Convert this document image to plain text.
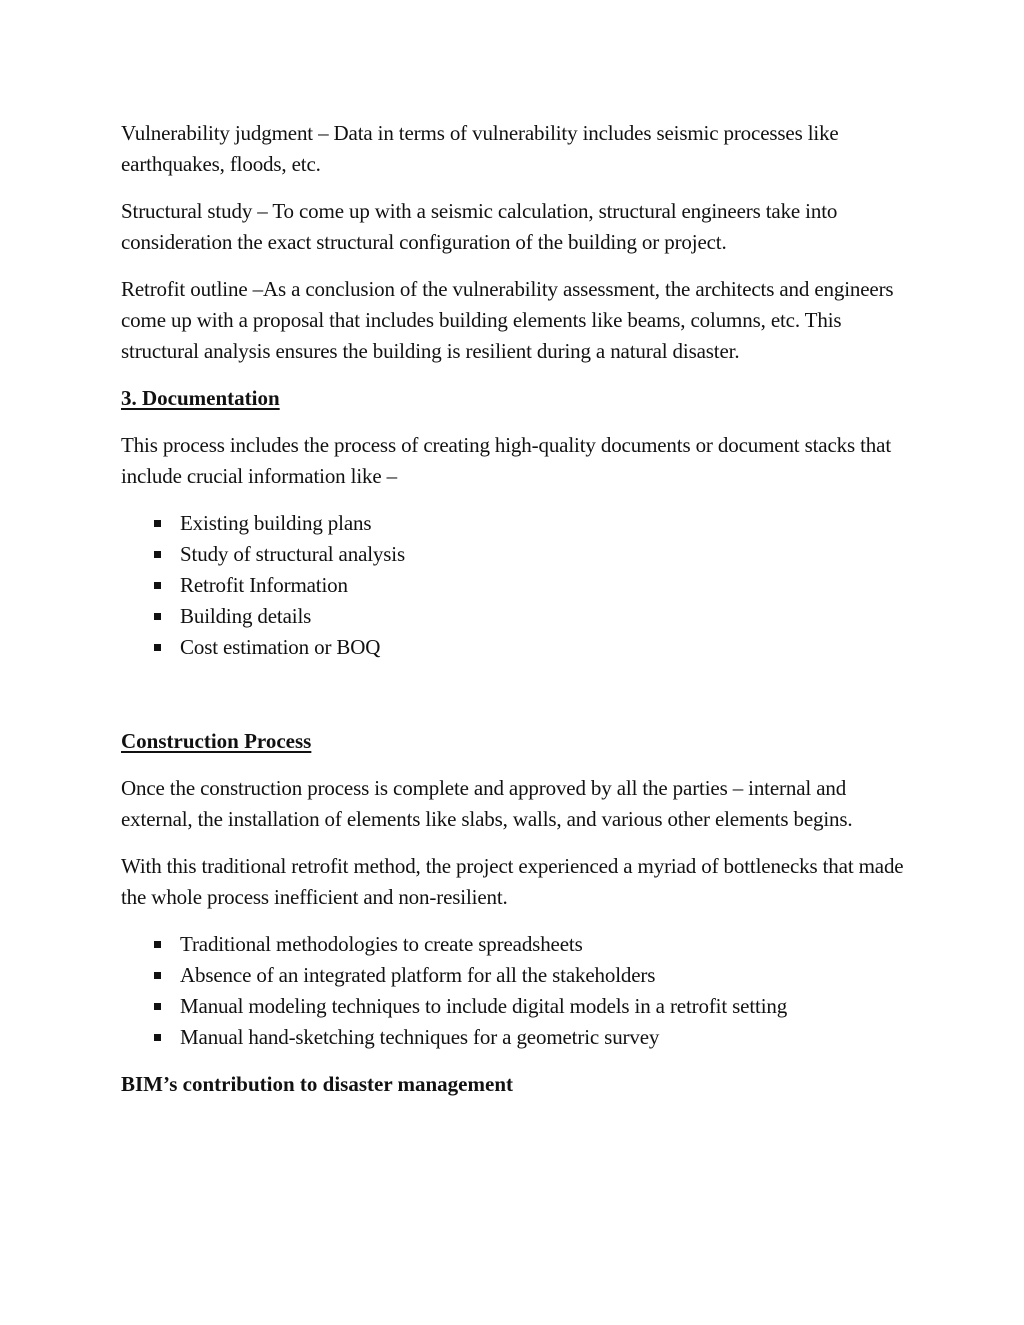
Vulnerability judgment – Data in terms of vulnerability includes seismic processes like earthquakes, floods, etc.

Structural study – To come up with a seismic calculation, structural engineers take into consideration the exact structural configuration of the building or project.

Retrofit outline –As a conclusion of the vulnerability assessment, the architects and engineers come up with a proposal that includes building elements like beams, columns, etc. This structural analysis ensures the building is resilient during a natural disaster.

3. Documentation

This process includes the process of creating high-quality documents or document stacks that include crucial information like –

Existing building plans
Study of structural analysis
Retrofit Information
Building details
Cost estimation or BOQ
Construction Process

Once the construction process is complete and approved by all the parties – internal and external, the installation of elements like slabs, walls, and various other elements begins.

With this traditional retrofit method, the project experienced a myriad of bottlenecks that made the whole process inefficient and non-resilient.

Traditional methodologies to create spreadsheets
Absence of an integrated platform for all the stakeholders
Manual modeling techniques to include digital models in a retrofit setting
Manual hand-sketching techniques for a geometric survey
BIM’s contribution to disaster management
